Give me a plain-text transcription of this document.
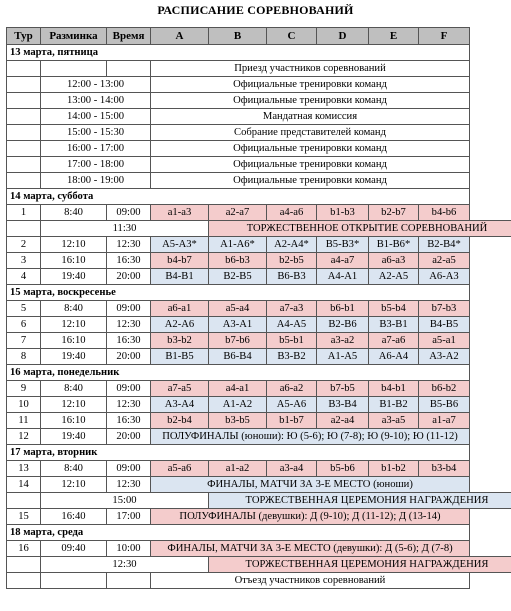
РАСПИСАНИЕ СОРЕВНОВАНИЙ
Тур	Разминка	Время	A	B	C	D	E	F
13 марта, пятница								
			Приезд участников соревнований					
	12:00 - 13:00		Официальные тренировки команд					
	13:00 - 14:00		Официальные тренировки команд					
	14:00 - 15:00		Мандатная комиссия					
	15:00 - 15:30		Собрание представителей команд					
	16:00 - 17:00		Официальные тренировки команд					
	17:00 - 18:00		Официальные тренировки команд					
	18:00 - 19:00		Официальные тренировки команд					
14 марта, суббота								
1	8:40	09:00	a1-a3	a2-a7	a4-a6	b1-b3	b2-b7	b4-b6
	11:30			ТОРЖЕСТВЕННОЕ ОТКРЫТИЕ СОРЕВНОВАНИЙ				
2	12:10	12:30	A5-A3*	A1-A6*	A2-A4*	B5-B3*	B1-B6*	B2-B4*
3	16:10	16:30	b4-b7	b6-b3	b2-b5	a4-a7	a6-a3	a2-a5
4	19:40	20:00	B4-B1	B2-B5	B6-B3	A4-A1	A2-A5	A6-A3
15 марта, воскресенье								
5	8:40	09:00	a6-a1	a5-a4	a7-a3	b6-b1	b5-b4	b7-b3
6	12:10	12:30	A2-A6	A3-A1	A4-A5	B2-B6	B3-B1	B4-B5
7	16:10	16:30	b3-b2	b7-b6	b5-b1	a3-a2	a7-a6	a5-a1
8	19:40	20:00	B1-B5	B6-B4	B3-B2	A1-A5	A6-A4	A3-A2
16 марта, понедельник								
9	8:40	09:00	a7-a5	a4-a1	a6-a2	b7-b5	b4-b1	b6-b2
10	12:10	12:30	A3-A4	A1-A2	A5-A6	B3-B4	B1-B2	B5-B6
11	16:10	16:30	b2-b4	b3-b5	b1-b7	a2-a4	a3-a5	a1-a7
12	19:40	20:00	ПОЛУФИНАЛЫ (юноши): Ю (5-6); Ю (7-8); Ю (9-10); Ю (11-12)					
17 марта, вторник								
13	8:40	09:00	a5-a6	a1-a2	a3-a4	b5-b6	b1-b2	b3-b4
14	12:10	12:30	ФИНАЛЫ, МАТЧИ ЗА 3-Е МЕСТО (юноши)					
	15:00			ТОРЖЕСТВЕННАЯ ЦЕРЕМОНИЯ НАГРАЖДЕНИЯ				
15	16:40	17:00	ПОЛУФИНАЛЫ (девушки): Д (9-10); Д (11-12); Д (13-14)					
18 марта, среда								
16	09:40	10:00	ФИНАЛЫ, МАТЧИ ЗА 3-Е МЕСТО (девушки): Д (5-6); Д (7-8)					
	12:30			ТОРЖЕСТВЕННАЯ ЦЕРЕМОНИЯ НАГРАЖДЕНИЯ				
			Отъезд участников соревнований					
